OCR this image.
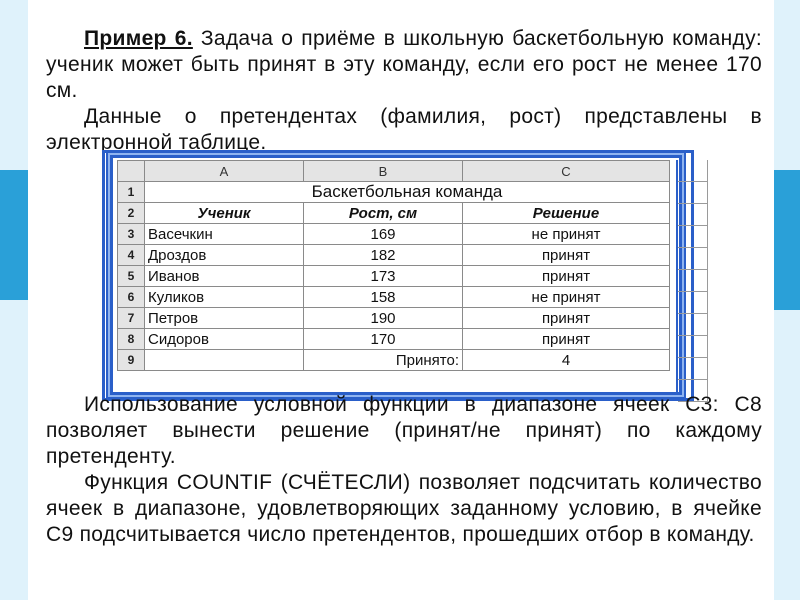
Пример 6. Задача о приёме в школьную баскетбольную команду: ученик может быть принят в эту команду, если его рост не менее 170 см.
Данные о претендентах (фамилия, рост) представлены в электронной таблице.
	A	B	C
1	Баскетбольная команда		
2	Ученик	Рост, см	Решение
3	Васечкин	169	не принят
4	Дроздов	182	принят
5	Иванов	173	принят
6	Куликов	158	не принят
7	Петров	190	принят
8	Сидоров	170	принят
9		Принято:	4
Использование условной функции в диапазоне ячеек С3: С8 позволяет вынести решение (принят/не принят) по каждому претенденту.
Функция COUNTIF (СЧЁТЕСЛИ) позволяет подсчитать количество ячеек в диапазоне, удовлетворяющих заданному условию, в ячейке С9 подсчитывается число претендентов, прошедших отбор в команду.
